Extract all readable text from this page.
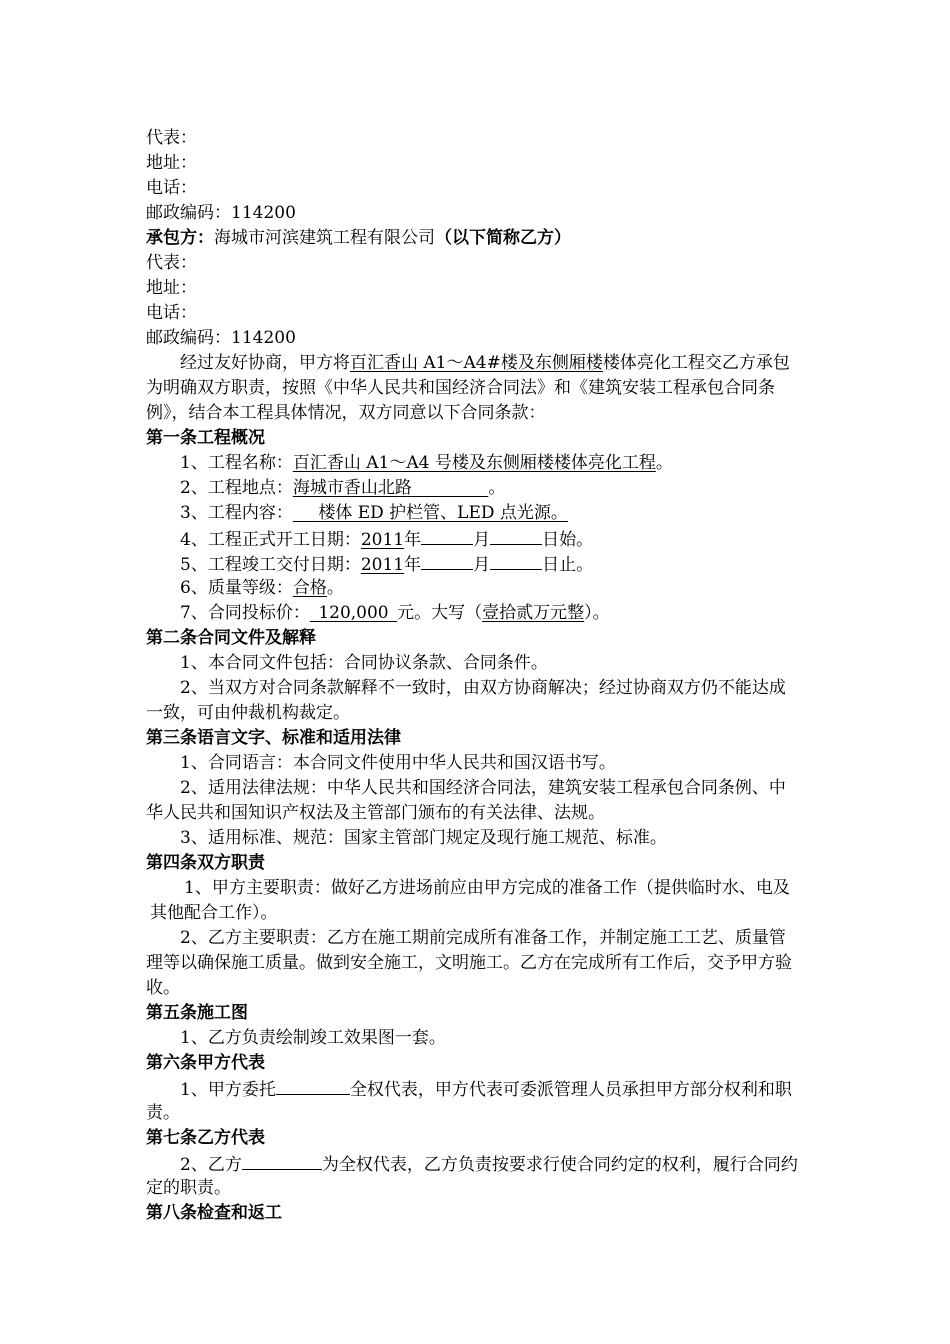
代表：
地址：
电话：
邮政编码：114200
承包方：海城市河滨建筑工程有限公司（以下简称乙方）
代表：
地址：
电话：
邮政编码：114200
经过友好协商，甲方将百汇香山 A1～A4#楼及东侧厢楼楼体亮化工程交乙方承包
为明确双方职责，按照《中华人民共和国经济合同法》和《建筑安装工程承包合同条
例》，结合本工程具体情况，双方同意以下合同条款：
第一条工程概况
1、工程名称：百汇香山 A1～A4 号楼及东侧厢楼楼体亮化工程。
2、工程地点：海城市香山北路     	。
3、工程内容：   楼体 ED 护栏管、LED 点光源。
4、工程正式开工日期：2011年	月	日始。
5、工程竣工交付日期：2011年	月	日止。
6、质量等级：合格。
7、合同投标价：  120,000  元。大写（壹拾贰万元整）。
第二条合同文件及解释
1、本合同文件包括：合同协议条款、合同条件。
2、当双方对合同条款解释不一致时，由双方协商解决；经过协商双方仍不能达成
一致，可由仲裁机构裁定。
第三条语言文字、标准和适用法律
1、合同语言：本合同文件使用中华人民共和国汉语书写。
2、适用法律法规：中华人民共和国经济合同法，建筑安装工程承包合同条例、中
华人民共和国知识产权法及主管部门颁布的有关法律、法规。
3、适用标准、规范：国家主管部门规定及现行施工规范、标准。
第四条双方职责
1、甲方主要职责：做好乙方进场前应由甲方完成的准备工作（提供临时水、电及
其他配合工作）。
2、乙方主要职责：乙方在施工期前完成所有准备工作，并制定施工工艺、质量管
理等以确保施工质量。做到安全施工，文明施工。乙方在完成所有工作后，交予甲方验
收。
第五条施工图
1、乙方负责绘制竣工效果图一套。
第六条甲方代表
1、甲方委托	全权代表，甲方代表可委派管理人员承担甲方部分权利和职
责。
第七条乙方代表
2、乙方	为全权代表，乙方负责按要求行使合同约定的权利，履行合同约
定的职责。
第八条检查和返工
